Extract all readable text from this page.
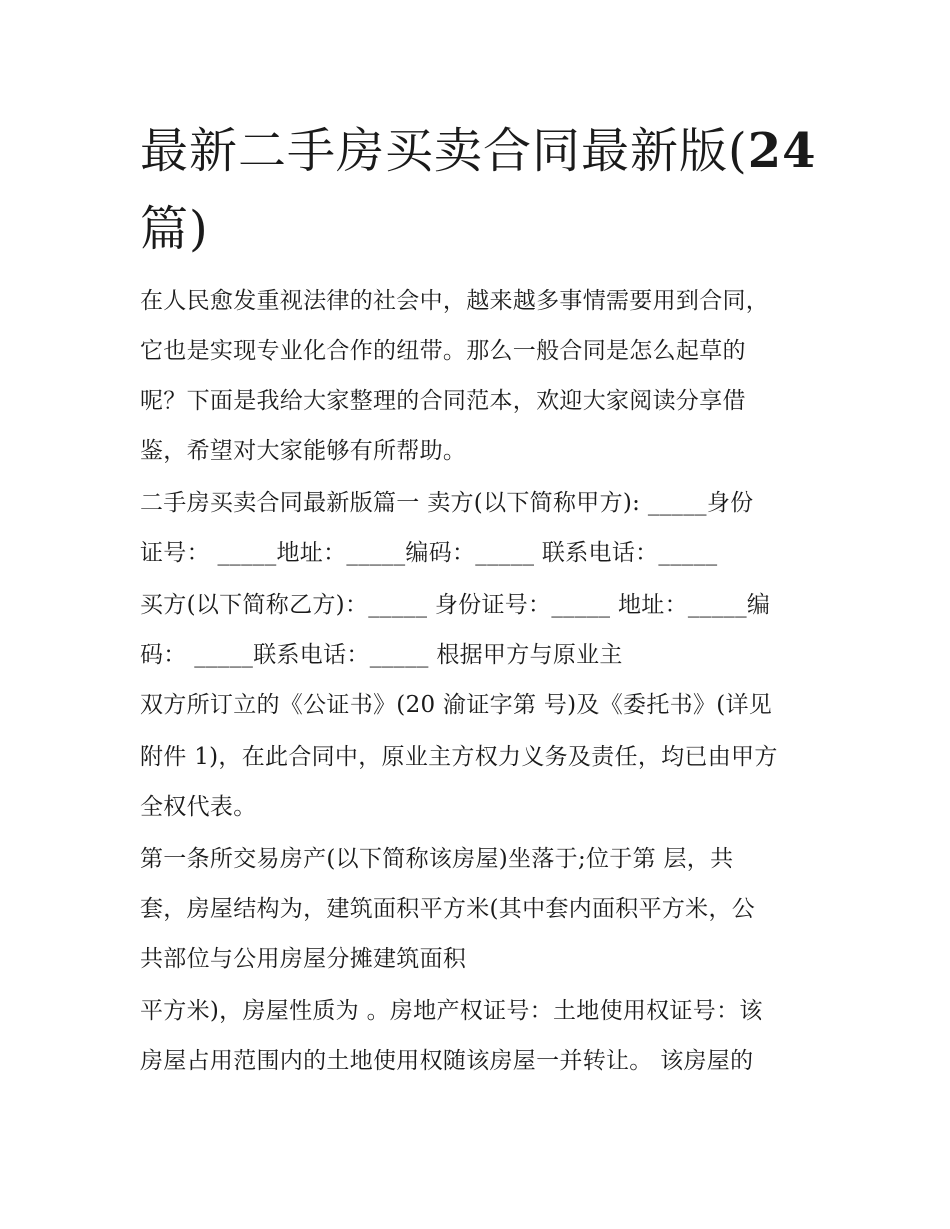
最新二手房买卖合同最新版(24
篇)

在人民愈发重视法律的社会中，越来越多事情需要用到合同，

它也是实现专业化合作的纽带。那么一般合同是怎么起草的

呢？下面是我给大家整理的合同范本，欢迎大家阅读分享借

鉴，希望对大家能够有所帮助。

二手房买卖合同最新版篇一 卖方(以下简称甲方): _____身份

证号： _____地址：_____编码：_____ 联系电话：_____

买方(以下简称乙方)：_____ 身份证号：_____ 地址：_____编

码： _____联系电话：_____ 根据甲方与原业主

双方所订立的《公证书》(20 渝证字第 号)及《委托书》(详见

附件 1)，在此合同中，原业主方权力义务及责任，均已由甲方

全权代表。

第一条所交易房产(以下简称该房屋)坐落于;位于第 层，共

套，房屋结构为，建筑面积平方米(其中套内面积平方米，公

共部位与公用房屋分摊建筑面积

平方米)，房屋性质为 。房地产权证号：土地使用权证号：该

房屋占用范围内的土地使用权随该房屋一并转让。 该房屋的
